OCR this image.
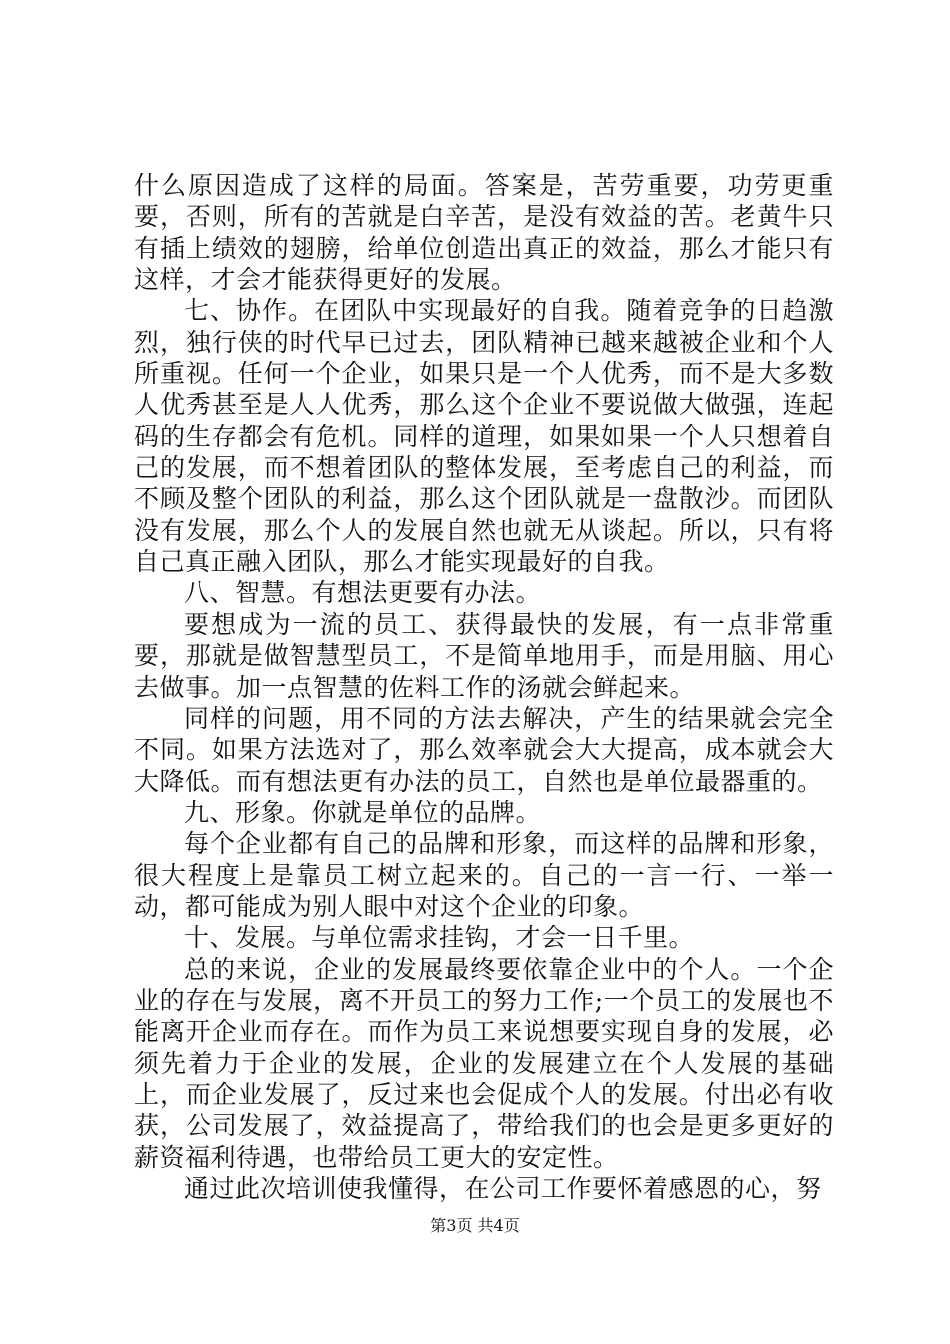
什么原因造成了这样的局面。答案是，苦劳重要，功劳更重要，否则，所有的苦就是白辛苦，是没有效益的苦。老黄牛只有插上绩效的翅膀，给单位创造出真正的效益，那么才能只有这样，才会才能获得更好的发展。

七、协作。在团队中实现最好的自我。随着竞争的日趋激烈，独行侠的时代早已过去，团队精神已越来越被企业和个人所重视。任何一个企业，如果只是一个人优秀，而不是大多数人优秀甚至是人人优秀，那么这个企业不要说做大做强，连起码的生存都会有危机。同样的道理，如果如果一个人只想着自己的发展，而不想着团队的整体发展，至考虑自己的利益，而不顾及整个团队的利益，那么这个团队就是一盘散沙。而团队没有发展，那么个人的发展自然也就无从谈起。所以，只有将自己真正融入团队，那么才能实现最好的自我。

八、智慧。有想法更要有办法。

要想成为一流的员工、获得最快的发展，有一点非常重要，那就是做智慧型员工，不是简单地用手，而是用脑、用心去做事。加一点智慧的佐料工作的汤就会鲜起来。

同样的问题，用不同的方法去解决，产生的结果就会完全不同。如果方法选对了，那么效率就会大大提高，成本就会大大降低。而有想法更有办法的员工，自然也是单位最器重的。

九、形象。你就是单位的品牌。

每个企业都有自己的品牌和形象，而这样的品牌和形象，很大程度上是靠员工树立起来的。自己的一言一行、一举一动，都可能成为别人眼中对这个企业的印象。

十、发展。与单位需求挂钩，才会一日千里。

总的来说，企业的发展最终要依靠企业中的个人。一个企业的存在与发展，离不开员工的努力工作;一个员工的发展也不能离开企业而存在。而作为员工来说想要实现自身的发展，必须先着力于企业的发展，企业的发展建立在个人发展的基础上，而企业发展了，反过来也会促成个人的发展。付出必有收获，公司发展了，效益提高了，带给我们的也会是更多更好的薪资福利待遇，也带给员工更大的安定性。

通过此次培训使我懂得，在公司工作要怀着感恩的心，努

第3页 共4页
